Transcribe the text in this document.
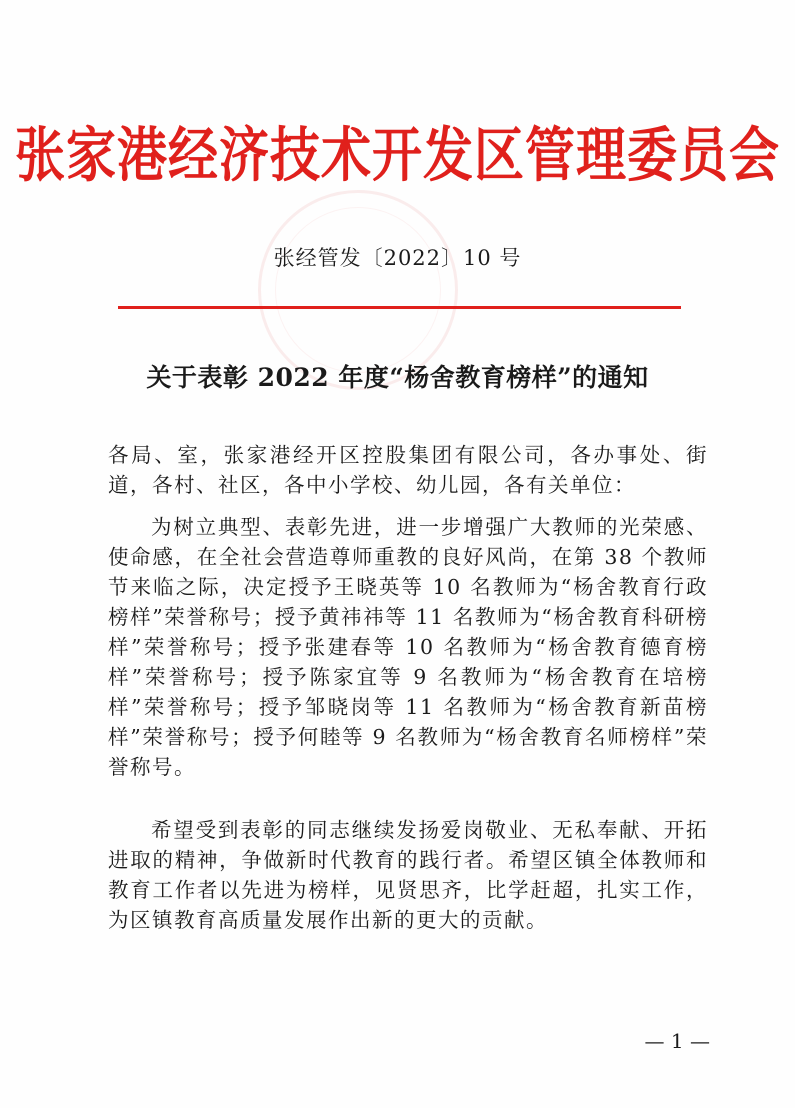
张家港经济技术开发区管理委员会
张经管发〔2022〕10 号
关于表彰 2022 年度“杨舍教育榜样”的通知

各局、室，张家港经开区控股集团有限公司，各办事处、街道，各村、社区，各中小学校、幼儿园，各有关单位：

为树立典型、表彰先进，进一步增强广大教师的光荣感、使命感，在全社会营造尊师重教的良好风尚，在第 38 个教师节来临之际，决定授予王晓英等 10 名教师为“杨舍教育行政榜样”荣誉称号；授予黄祎祎等 11 名教师为“杨舍教育科研榜样”荣誉称号；授予张建春等 10 名教师为“杨舍教育德育榜样”荣誉称号；授予陈家宜等 9 名教师为“杨舍教育在培榜样”荣誉称号；授予邹晓岗等 11 名教师为“杨舍教育新苗榜样”荣誉称号；授予何睦等 9 名教师为“杨舍教育名师榜样”荣誉称号。

希望受到表彰的同志继续发扬爱岗敬业、无私奉献、开拓进取的精神，争做新时代教育的践行者。希望区镇全体教师和教育工作者以先进为榜样，见贤思齐，比学赶超，扎实工作，为区镇教育高质量发展作出新的更大的贡献。

— 1 —
